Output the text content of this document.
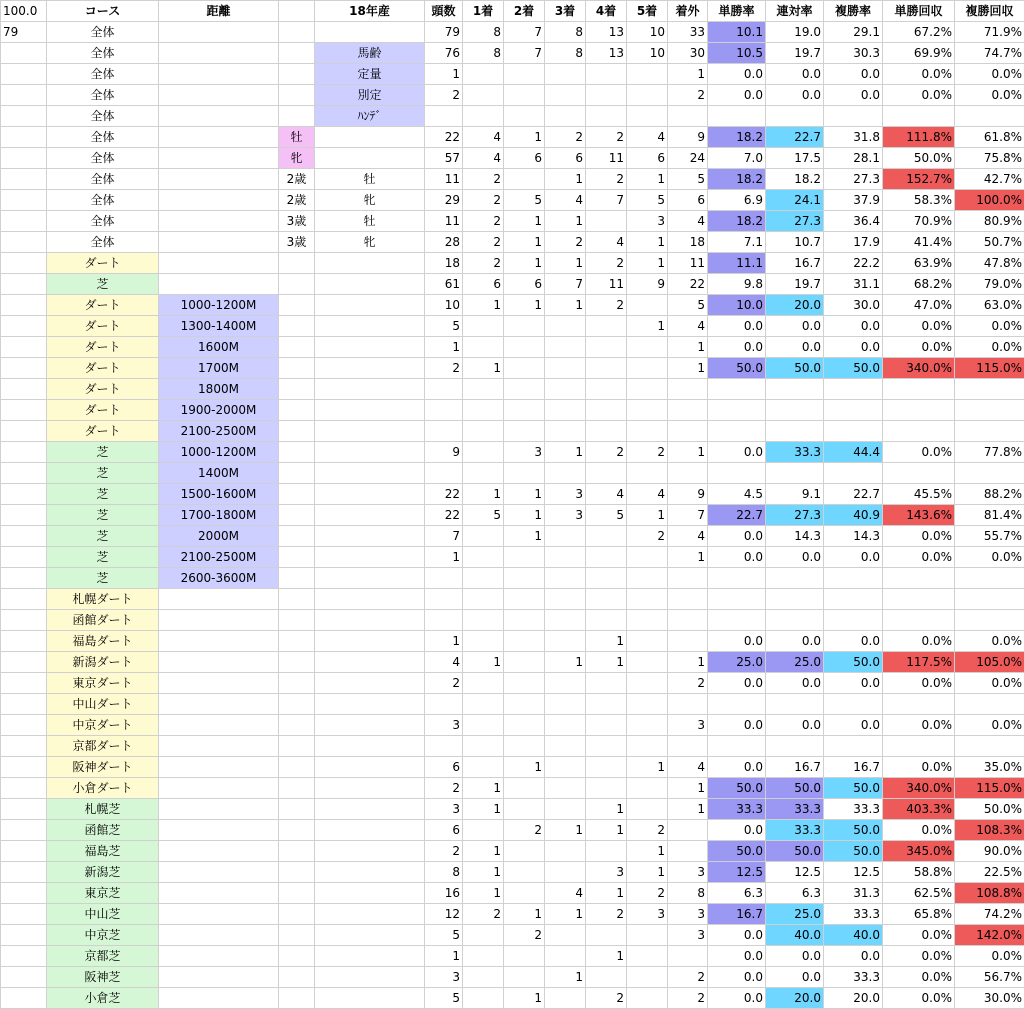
100.0	コース	距離		18年産	頭数	1着	2着	3着	4着	5着	着外	単勝率	連対率	複勝率	単勝回収	複勝回収
79	全体				79	8	7	8	13	10	33	10.1	19.0	29.1	67.2%	71.9%
	全体			馬齢	76	8	7	8	13	10	30	10.5	19.7	30.3	69.9%	74.7%
	全体			定量	1						1	0.0	0.0	0.0	0.0%	0.0%
	全体			別定	2						2	0.0	0.0	0.0	0.0%	0.0%
	全体			ﾊﾝﾃﾞ												
	全体		牡		22	4	1	2	2	4	9	18.2	22.7	31.8	111.8%	61.8%
	全体		牝		57	4	6	6	11	6	24	7.0	17.5	28.1	50.0%	75.8%
	全体		2歳	牡	11	2		1	2	1	5	18.2	18.2	27.3	152.7%	42.7%
	全体		2歳	牝	29	2	5	4	7	5	6	6.9	24.1	37.9	58.3%	100.0%
	全体		3歳	牡	11	2	1	1		3	4	18.2	27.3	36.4	70.9%	80.9%
	全体		3歳	牝	28	2	1	2	4	1	18	7.1	10.7	17.9	41.4%	50.7%
	ダート				18	2	1	1	2	1	11	11.1	16.7	22.2	63.9%	47.8%
	芝				61	6	6	7	11	9	22	9.8	19.7	31.1	68.2%	79.0%
	ダート	1000-1200M			10	1	1	1	2		5	10.0	20.0	30.0	47.0%	63.0%
	ダート	1300-1400M			5					1	4	0.0	0.0	0.0	0.0%	0.0%
	ダート	1600M			1						1	0.0	0.0	0.0	0.0%	0.0%
	ダート	1700M			2	1					1	50.0	50.0	50.0	340.0%	115.0%
	ダート	1800M														
	ダート	1900-2000M														
	ダート	2100-2500M														
	芝	1000-1200M			9		3	1	2	2	1	0.0	33.3	44.4	0.0%	77.8%
	芝	1400M														
	芝	1500-1600M			22	1	1	3	4	4	9	4.5	9.1	22.7	45.5%	88.2%
	芝	1700-1800M			22	5	1	3	5	1	7	22.7	27.3	40.9	143.6%	81.4%
	芝	2000M			7		1			2	4	0.0	14.3	14.3	0.0%	55.7%
	芝	2100-2500M			1						1	0.0	0.0	0.0	0.0%	0.0%
	芝	2600-3600M														
	札幌ダート															
	函館ダート															
	福島ダート				1				1			0.0	0.0	0.0	0.0%	0.0%
	新潟ダート				4	1		1	1		1	25.0	25.0	50.0	117.5%	105.0%
	東京ダート				2						2	0.0	0.0	0.0	0.0%	0.0%
	中山ダート															
	中京ダート				3						3	0.0	0.0	0.0	0.0%	0.0%
	京都ダート															
	阪神ダート				6		1			1	4	0.0	16.7	16.7	0.0%	35.0%
	小倉ダート				2	1					1	50.0	50.0	50.0	340.0%	115.0%
	札幌芝				3	1			1		1	33.3	33.3	33.3	403.3%	50.0%
	函館芝				6		2	1	1	2		0.0	33.3	50.0	0.0%	108.3%
	福島芝				2	1				1		50.0	50.0	50.0	345.0%	90.0%
	新潟芝				8	1			3	1	3	12.5	12.5	12.5	58.8%	22.5%
	東京芝				16	1		4	1	2	8	6.3	6.3	31.3	62.5%	108.8%
	中山芝				12	2	1	1	2	3	3	16.7	25.0	33.3	65.8%	74.2%
	中京芝				5		2				3	0.0	40.0	40.0	0.0%	142.0%
	京都芝				1				1			0.0	0.0	0.0	0.0%	0.0%
	阪神芝				3			1			2	0.0	0.0	33.3	0.0%	56.7%
	小倉芝				5		1		2		2	0.0	20.0	20.0	0.0%	30.0%
